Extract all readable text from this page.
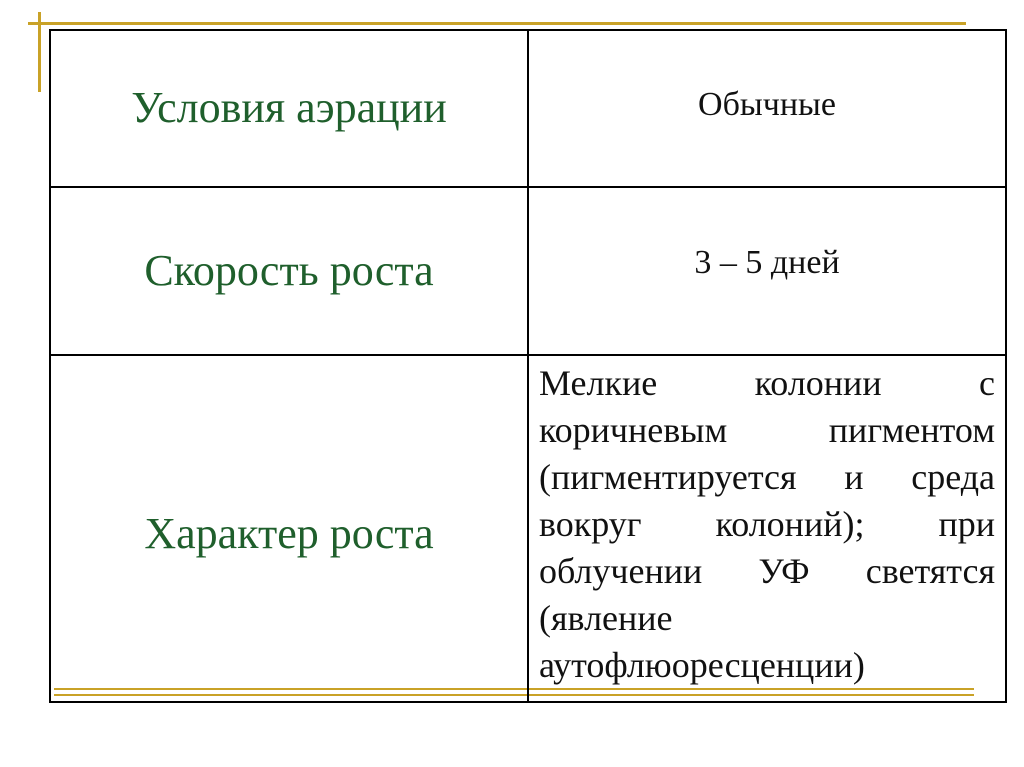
Условия аэрации	Обычные
Скорость роста	3 – 5 дней
Характер роста	Мелкие колонии с коричневым пигментом (пигментируется и среда вокруг колоний); при облучении УФ светятся (явление аутофлюоресценции)
